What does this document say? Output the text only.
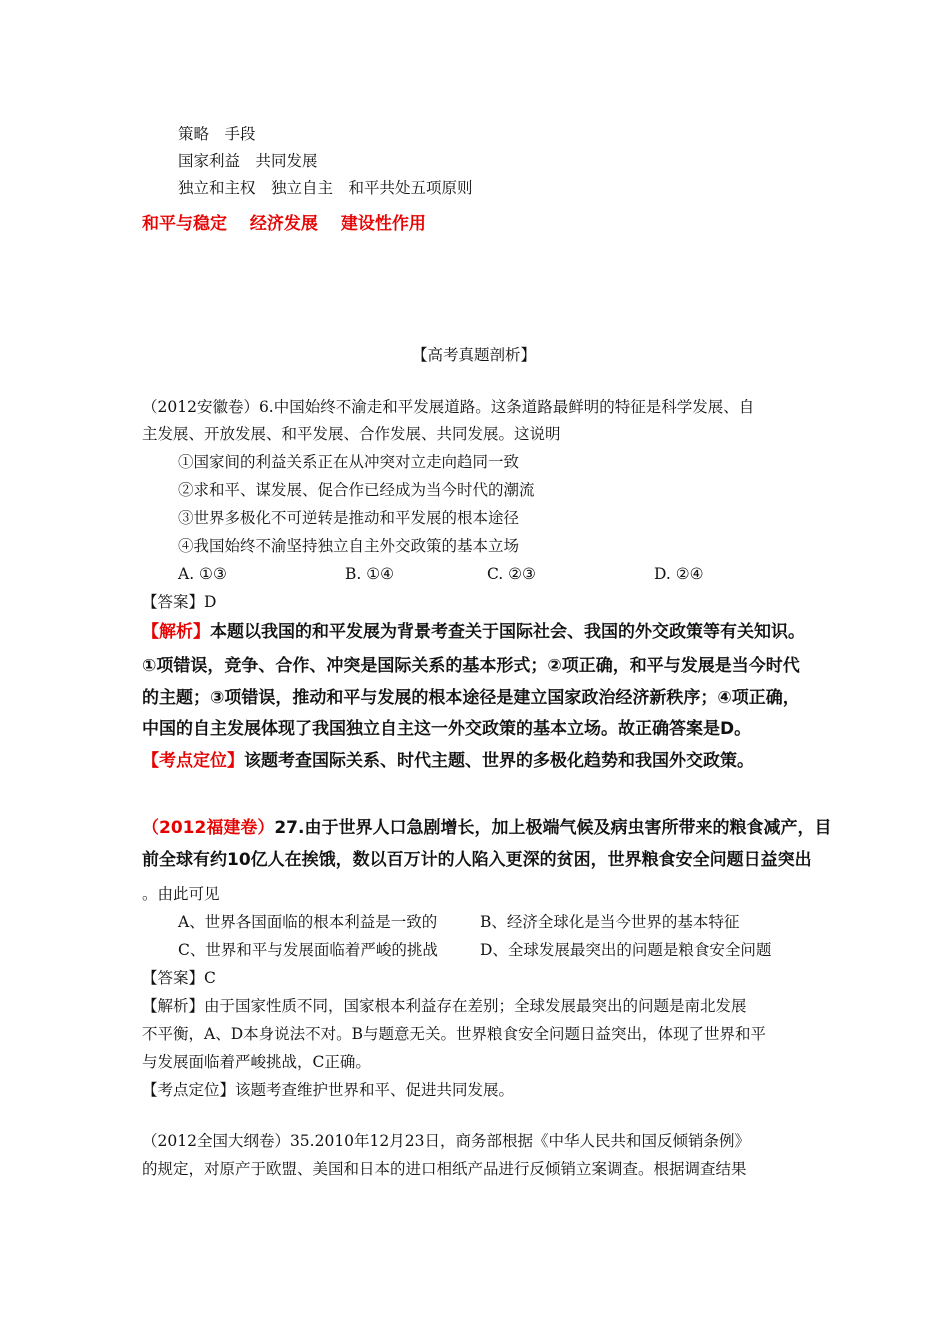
策略　手段
国家利益　共同发展
独立和主权　独立自主　和平共处五项原则
和平与稳定　 经济发展　 建设性作用
【高考真题剖析】
（2012安徽卷）6.中国始终不渝走和平发展道路。这条道路最鲜明的特征是科学发展、自
主发展、开放发展、和平发展、合作发展、共同发展。这说明
①国家间的利益关系正在从冲突对立走向趋同一致
②求和平、谋发展、促合作已经成为当今时代的潮流
③世界多极化不可逆转是推动和平发展的根本途径
④我国始终不渝坚持独立自主外交政策的基本立场
A. ①③	B. ①④	C. ②③	D. ②④
【答案】D
【解析】本题以我国的和平发展为背景考查关于国际社会、我国的外交政策等有关知识。
①项错误，竞争、合作、冲突是国际关系的基本形式；②项正确，和平与发展是当今时代
的主题；③项错误，推动和平与发展的根本途径是建立国家政治经济新秩序；④项正确，
中国的自主发展体现了我国独立自主这一外交政策的基本立场。故正确答案是D。
【考点定位】该题考查国际关系、时代主题、世界的多极化趋势和我国外交政策。
（2012福建卷）27.由于世界人口急剧增长，加上极端气候及病虫害所带来的粮食减产，目
前全球有约10亿人在挨饿，数以百万计的人陷入更深的贫困，世界粮食安全问题日益突出
。由此可见
A、世界各国面临的根本利益是一致的	B、经济全球化是当今世界的基本特征
C、世界和平与发展面临着严峻的挑战	D、全球发展最突出的问题是粮食安全问题
【答案】C
【解析】由于国家性质不同，国家根本利益存在差别；全球发展最突出的问题是南北发展
不平衡，A、D本身说法不对。B与题意无关。世界粮食安全问题日益突出，体现了世界和平
与发展面临着严峻挑战，C正确。
【考点定位】该题考查维护世界和平、促进共同发展。
（2012全国大纲卷）35.2010年12月23日，商务部根据《中华人民共和国反倾销条例》
的规定，对原产于欧盟、美国和日本的进口相纸产品进行反倾销立案调查。根据调查结果
